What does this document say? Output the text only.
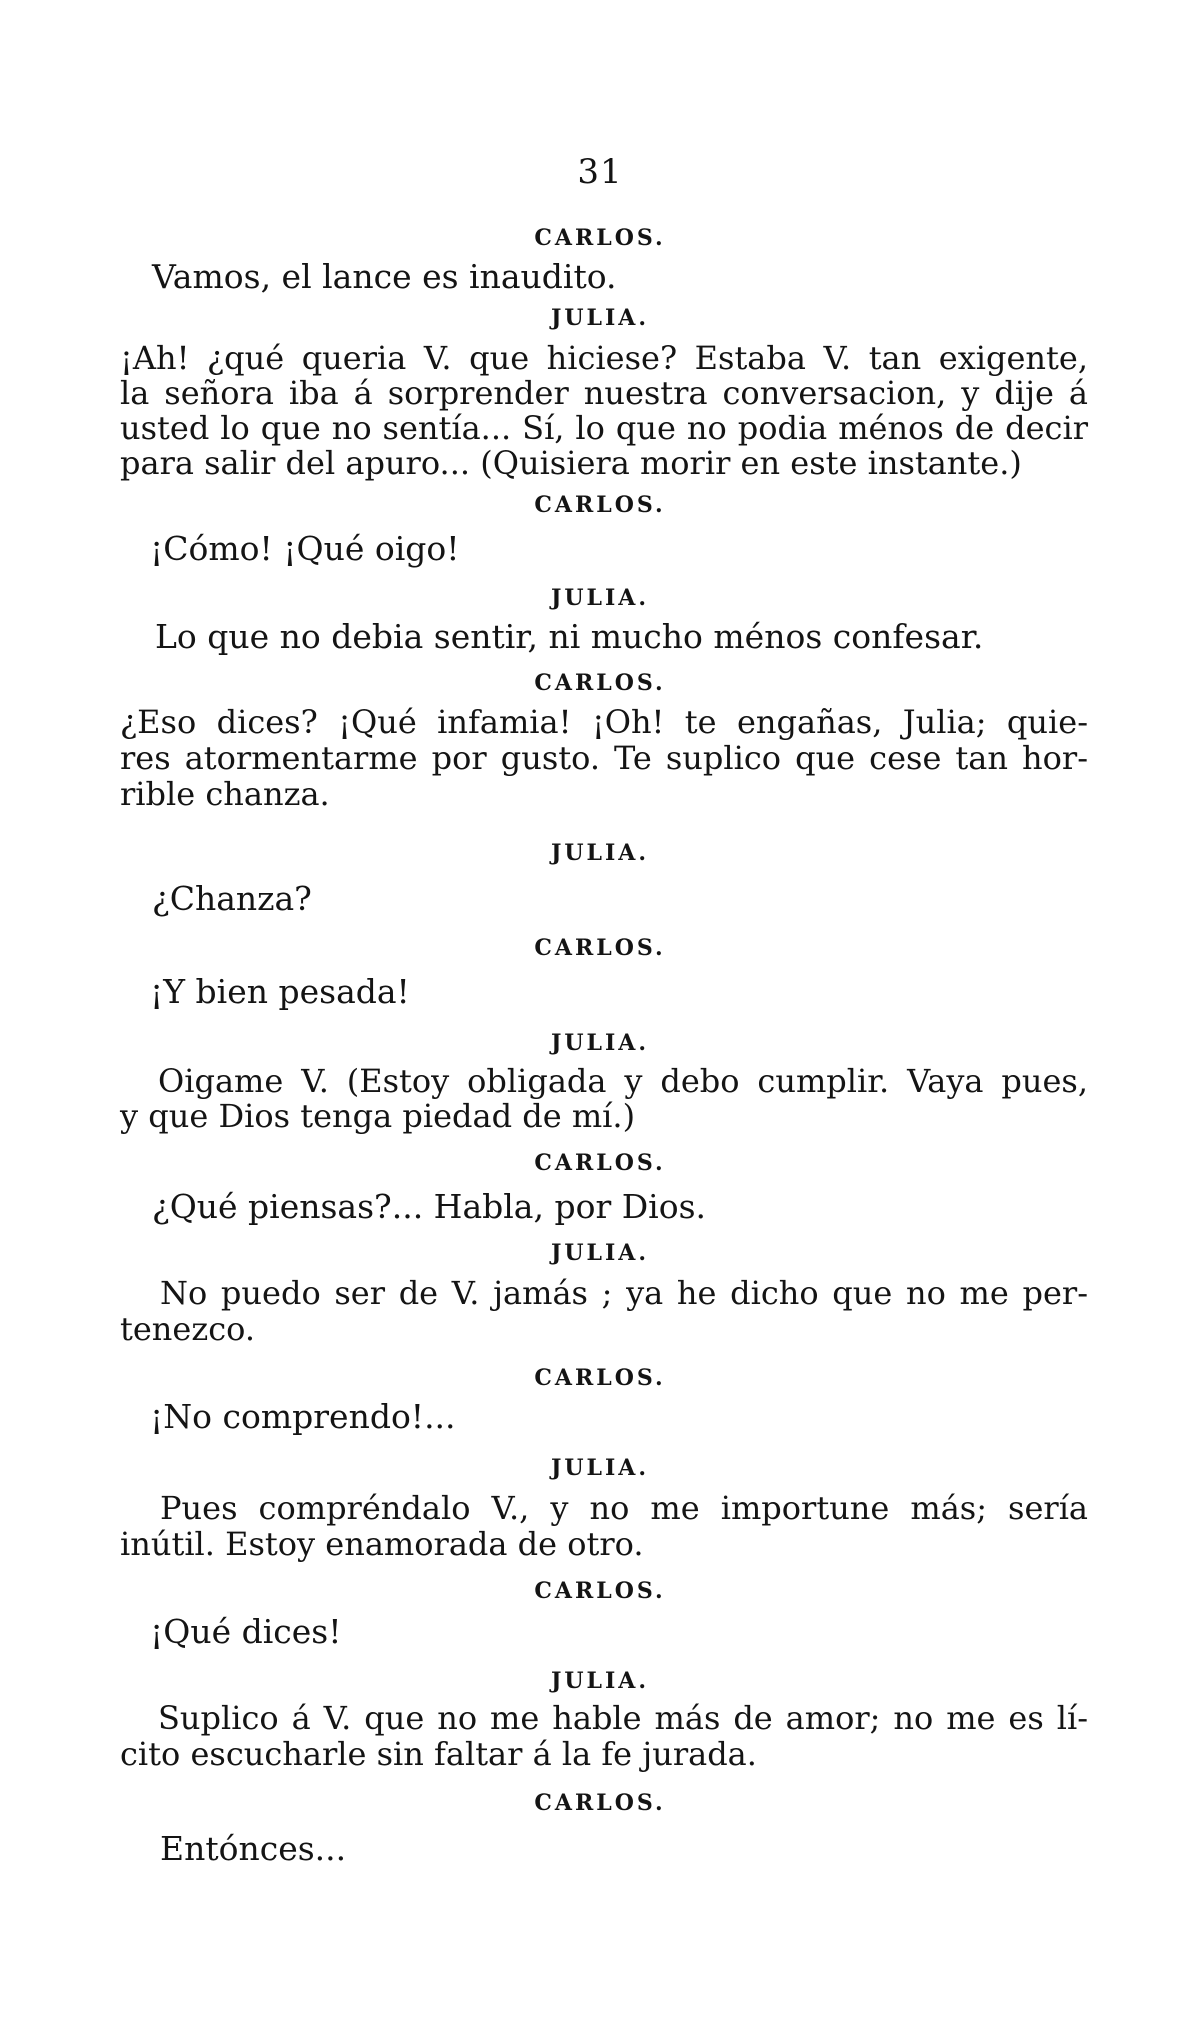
31
CARLOS.
Vamos, el lance es inaudito.
JULIA.
¡Ah! ¿qué queria V. que hiciese? Estaba V. tan exigente,
la señora iba á sorprender nuestra conversacion, y dije á
usted lo que no sentía... Sí, lo que no podia ménos de decir
para salir del apuro... (Quisiera morir en este instante.)
CARLOS.
¡Cómo! ¡Qué oigo!
JULIA.
Lo que no debia sentir, ni mucho ménos confesar.
CARLOS.
¿Eso dices? ¡Qué infamia! ¡Oh! te engañas, Julia; quie-
res atormentarme por gusto. Te suplico que cese tan hor-
rible chanza.
JULIA.
¿Chanza?
CARLOS.
¡Y bien pesada!
JULIA.
Oigame V. (Estoy obligada y debo cumplir. Vaya pues,
y que Dios tenga piedad de mí.)
CARLOS.
¿Qué piensas?... Habla, por Dios.
JULIA.
No puedo ser de V. jamás ; ya he dicho que no me per-
tenezco.
CARLOS.
¡No comprendo!...
JULIA.
Pues compréndalo V., y no me importune más; sería
inútil. Estoy enamorada de otro.
CARLOS.
¡Qué dices!
JULIA.
Suplico á V. que no me hable más de amor; no me es lí-
cito escucharle sin faltar á la fe jurada.
CARLOS.
Entónces...
